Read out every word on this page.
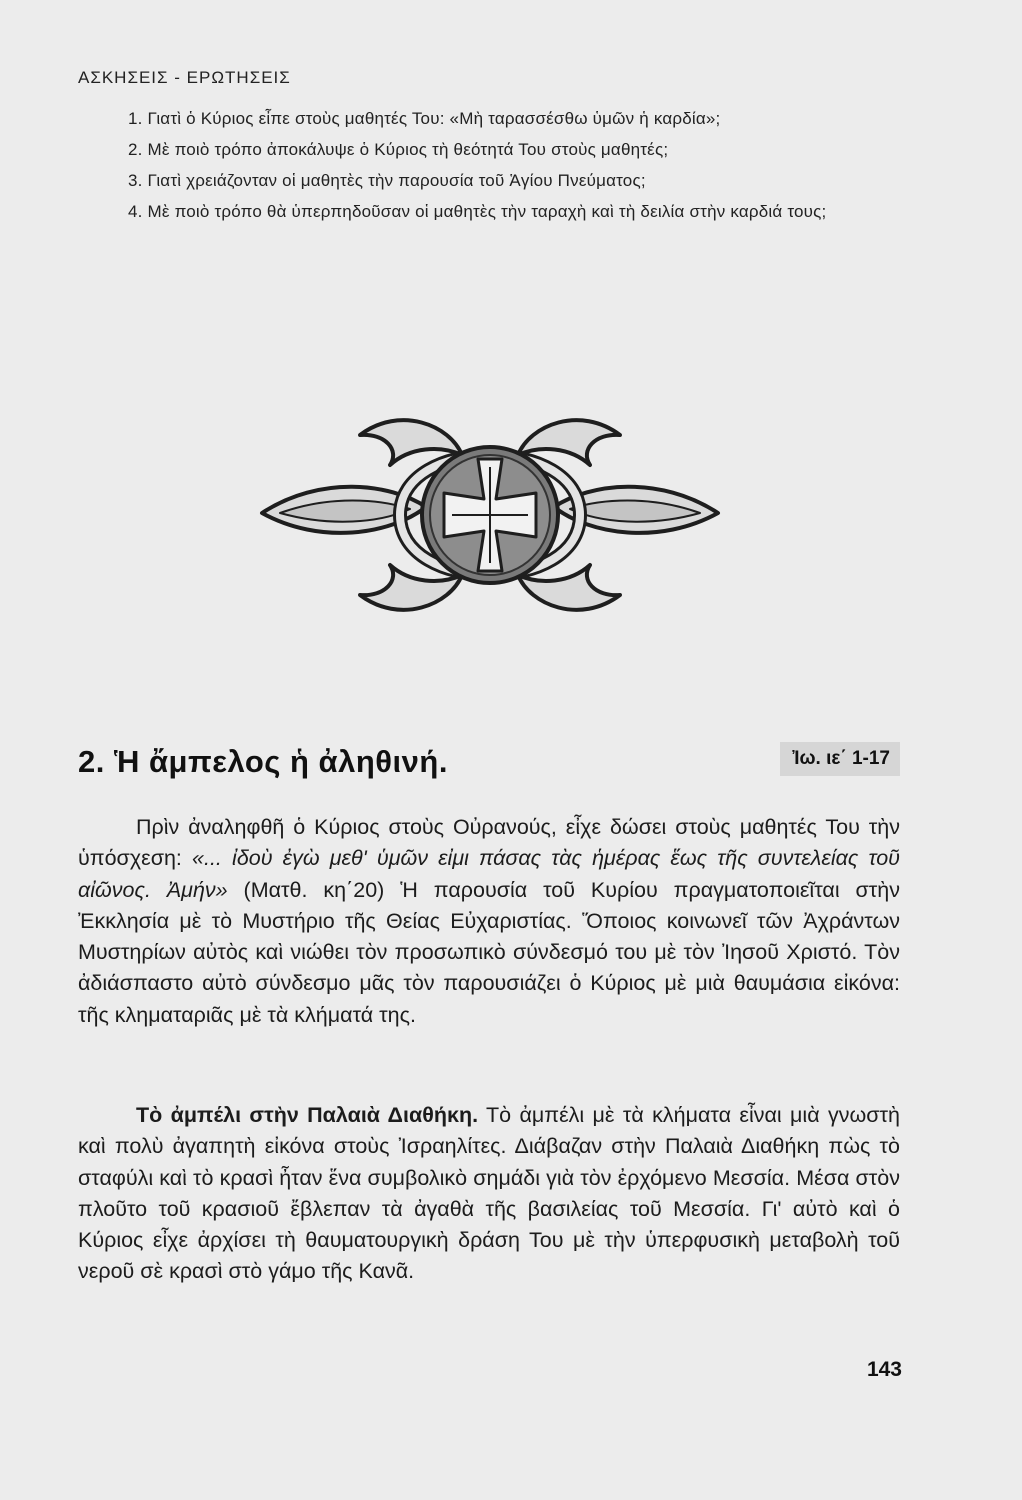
ΑΣΚΗΣΕΙΣ - ΕΡΩΤΗΣΕΙΣ
1. Γιατὶ ὁ Κύριος εἶπε στοὺς μαθητές Του: «Μὴ ταρασσέσθω ὑμῶν ἡ καρδία»;
2. Μὲ ποιὸ τρόπο ἀποκάλυψε ὁ Κύριος τὴ θεότητά Του στοὺς μαθητές;
3. Γιατὶ χρειάζονταν οἱ μαθητὲς τὴν παρουσία τοῦ Ἁγίου Πνεύματος;
4. Μὲ ποιὸ τρόπο θὰ ὑπερπηδοῦσαν οἱ μαθητὲς τὴν ταραχὴ καὶ τὴ δειλία στὴν καρδιά τους;
2. Ἡ ἄμπελος ἡ ἀληθινή.	Ἰω. ιε΄ 1-17

Πρὶν ἀναληφθῆ ὁ Κύριος στοὺς Οὐρανούς, εἶχε δώσει στοὺς μαθητές Του τὴν ὑπόσχεση: «... ἰδοὺ ἐγὼ μεθ' ὑμῶν εἰμι πάσας τὰς ἡμέρας ἕως τῆς συντελείας τοῦ αἰῶνος. Ἀμήν» (Ματθ. κη΄20) Ἡ παρουσία τοῦ Κυρίου πραγματοποιεῖται στὴν Ἐκκλησία μὲ τὸ Μυστήριο τῆς Θείας Εὐχαριστίας. Ὅποιος κοινωνεῖ τῶν Ἀχράντων Μυστηρίων αὐτὸς καὶ νιώθει τὸν προσωπικὸ σύνδεσμό του μὲ τὸν Ἰησοῦ Χριστό. Τὸν ἀδιάσπαστο αὐτὸ σύνδεσμο μᾶς τὸν παρουσιάζει ὁ Κύριος μὲ μιὰ θαυμάσια εἰκόνα: τῆς κληματαριᾶς μὲ τὰ κλήματά της.

Τὸ ἀμπέλι στὴν Παλαιὰ Διαθήκη. Τὸ ἀμπέλι μὲ τὰ κλήματα εἶναι μιὰ γνωστὴ καὶ πολὺ ἀγαπητὴ εἰκόνα στοὺς Ἰσραηλίτες. Διάβαζαν στὴν Παλαιὰ Διαθήκη πὼς τὸ σταφύλι καὶ τὸ κρασὶ ἦταν ἕνα συμβολικὸ σημάδι γιὰ τὸν ἐρχόμενο Μεσσία. Μέσα στὸν πλοῦτο τοῦ κρασιοῦ ἔβλεπαν τὰ ἀγαθὰ τῆς βασιλείας τοῦ Μεσσία. Γι' αὐτὸ καὶ ὁ Κύριος εἶχε ἀρχίσει τὴ θαυματουργικὴ δράση Του μὲ τὴν ὑπερφυσικὴ μεταβολὴ τοῦ νεροῦ σὲ κρασὶ στὸ γάμο τῆς Κανᾶ.

143
